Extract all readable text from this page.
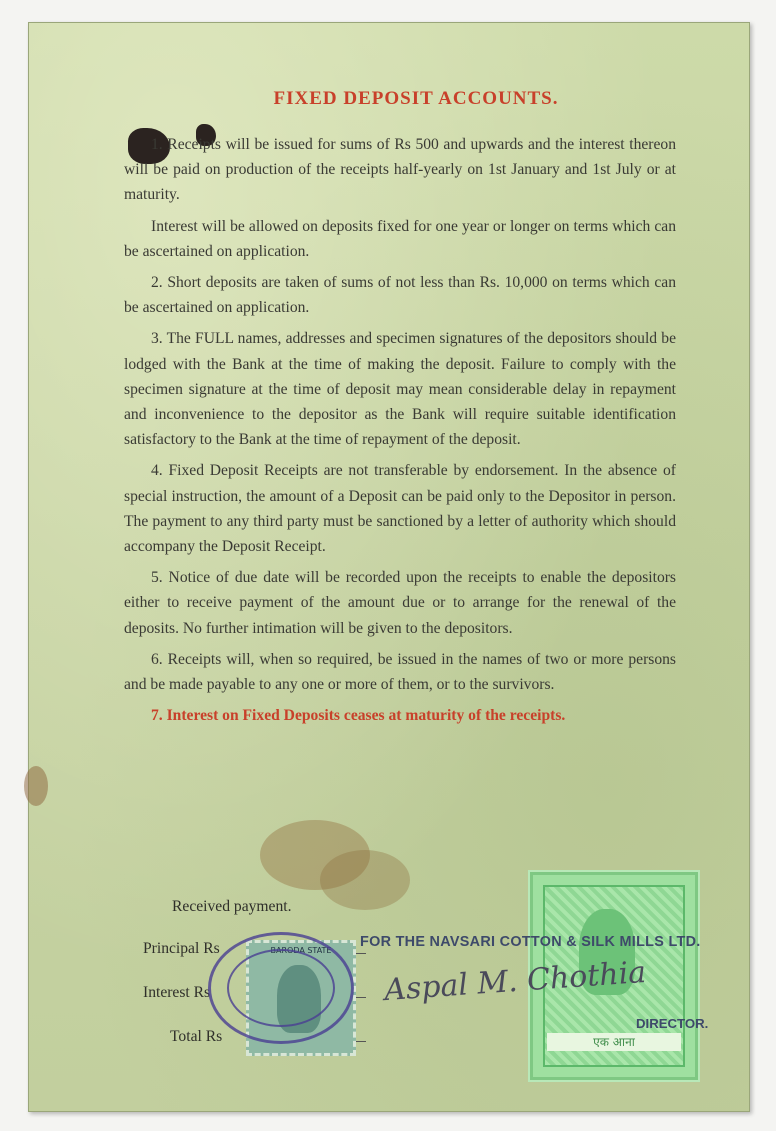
FIXED DEPOSIT ACCOUNTS.

1. Receipts will be issued for sums of Rs 500 and upwards and the interest thereon will be paid on production of the receipts half-yearly on 1st January and 1st July or at maturity.

Interest will be allowed on deposits fixed for one year or longer on terms which can be ascertained on application.

2. Short deposits are taken of sums of not less than Rs. 10,000 on terms which can be ascertained on application.

3. The FULL names, addresses and specimen signatures of the depositors should be lodged with the Bank at the time of making the deposit. Failure to comply with the specimen signature at the time of deposit may mean considerable delay in repayment and inconvenience to the depositor as the Bank will require suitable identification satisfactory to the Bank at the time of repayment of the deposit.

4. Fixed Deposit Receipts are not transferable by endorsement. In the absence of special instruction, the amount of a Deposit can be paid only to the Depositor in person. The payment to any third party must be sanctioned by a letter of authority which should accompany the Deposit Receipt.

5. Notice of due date will be recorded upon the receipts to enable the depositors either to receive payment of the amount due or to arrange for the renewal of the deposits. No further intimation will be given to the depositors.

6. Receipts will, when so required, be issued in the names of two or more persons and be made payable to any one or more of them, or to the survivors.

7. Interest on Fixed Deposits ceases at maturity of the receipts.

Received payment.
Principal Rs
Interest Rs
Total Rs	एक आना
BARODA STATE
FOR THE NAVSARI COTTON & SILK MILLS LTD.
Aspal M. Chothia
DIRECTOR.
